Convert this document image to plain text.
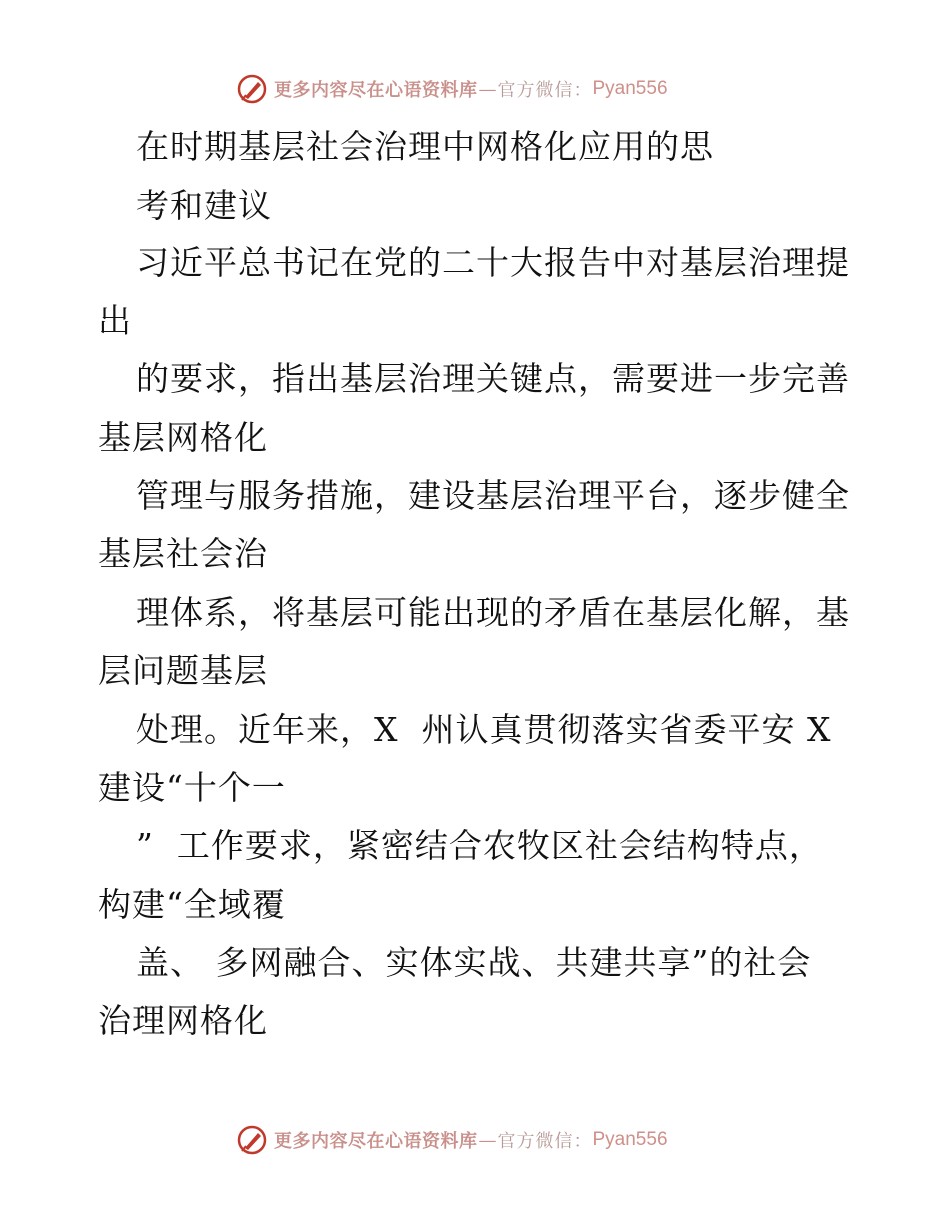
更多内容尽在心语资料库 — 官方微信： Pyan556
在时期基层社会治理中网格化应用的思
考和建议
习近平总书记在党的二十大报告中对基层治理提
出
的要求，指出基层治理关键点，需要进一步完善
基层网格化
管理与服务措施，建设基层治理平台，逐步健全
基层社会治
理体系，将基层可能出现的矛盾在基层化解，基
层问题基层
处理。近年来，X  州认真贯彻落实省委平安 X
建设“十个一
”  工作要求，紧密结合农牧区社会结构特点，
构建“全域覆
盖、 多网融合、实体实战、共建共享”的社会
治理网格化
更多内容尽在心语资料库 — 官方微信： Pyan556
